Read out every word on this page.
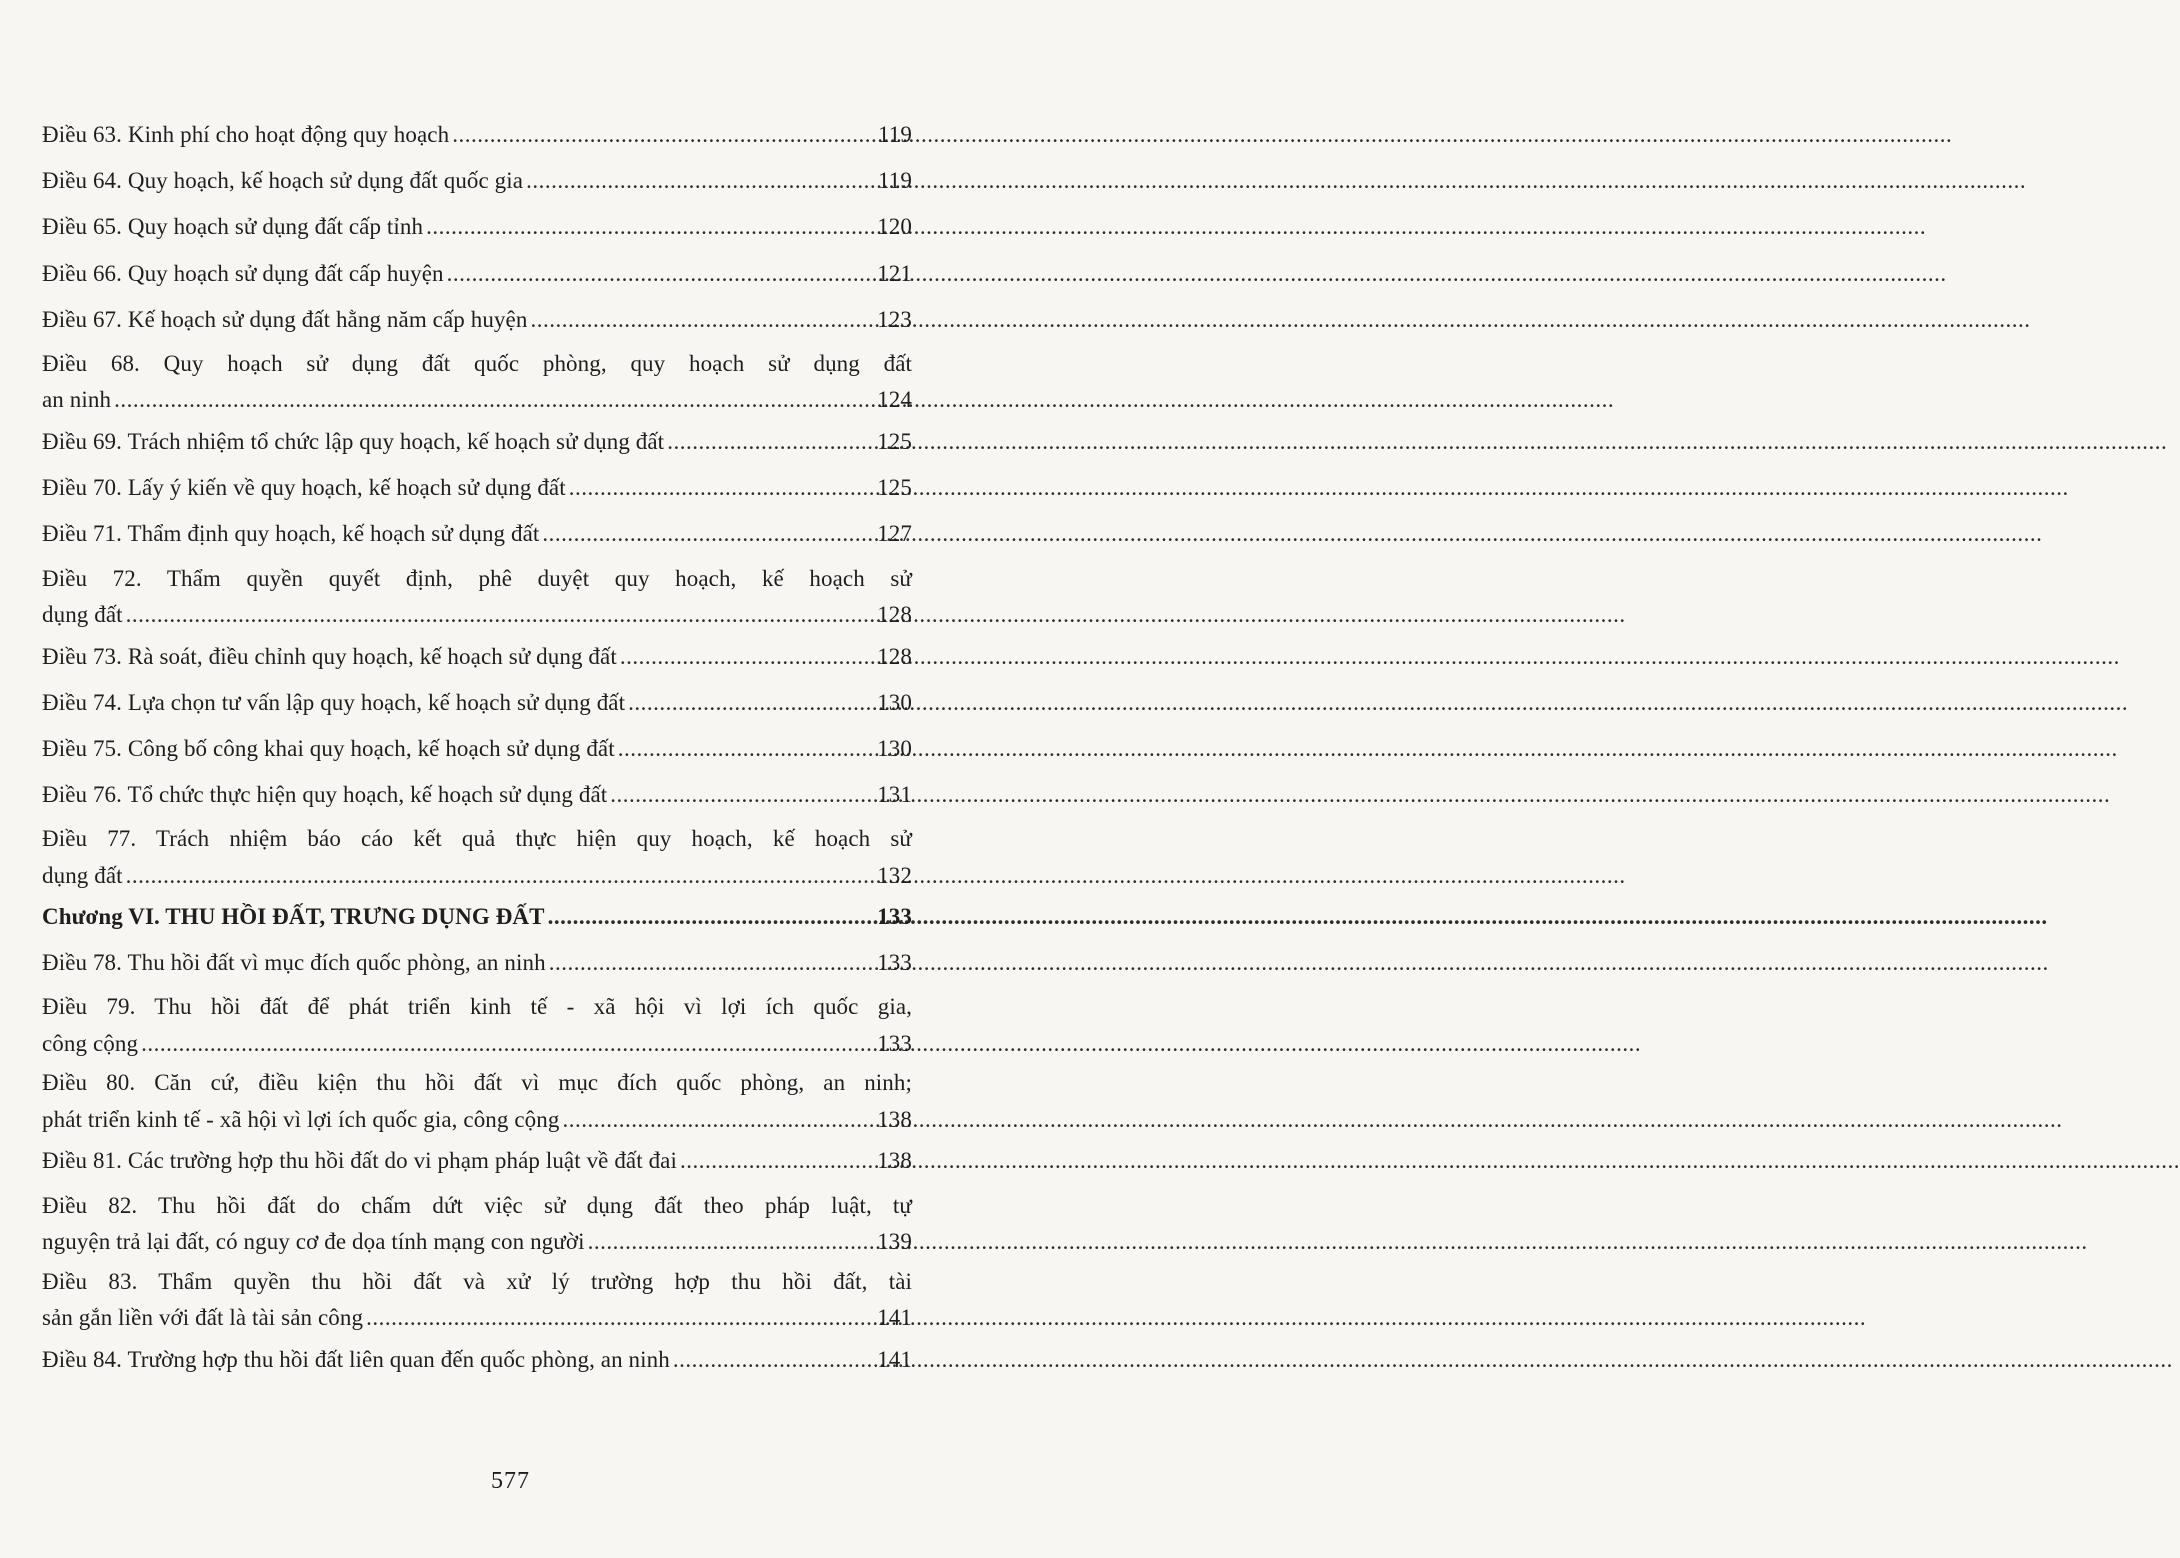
Điều 63. Kinh phí cho hoạt động quy hoạch .....	119
Điều 64. Quy hoạch, kế hoạch sử dụng đất quốc gia .....	119
Điều 65. Quy hoạch sử dụng đất cấp tỉnh .....	120
Điều 66. Quy hoạch sử dụng đất cấp huyện .....	121
Điều 67. Kế hoạch sử dụng đất hằng năm cấp huyện .....	123
Điều 68. Quy hoạch sử dụng đất quốc phòng, quy hoạch sử dụng đất
an ninh .....	124
Điều 69. Trách nhiệm tổ chức lập quy hoạch, kế hoạch sử dụng đất .....	125
Điều 70. Lấy ý kiến về quy hoạch, kế hoạch sử dụng đất .....	125
Điều 71. Thẩm định quy hoạch, kế hoạch sử dụng đất .....	127
Điều 72. Thẩm quyền quyết định, phê duyệt quy hoạch, kế hoạch sử
dụng đất .....	128
Điều 73. Rà soát, điều chỉnh quy hoạch, kế hoạch sử dụng đất .....	128
Điều 74. Lựa chọn tư vấn lập quy hoạch, kế hoạch sử dụng đất .....	130
Điều 75. Công bố công khai quy hoạch, kế hoạch sử dụng đất .....	130
Điều 76. Tổ chức thực hiện quy hoạch, kế hoạch sử dụng đất .....	131
Điều 77. Trách nhiệm báo cáo kết quả thực hiện quy hoạch, kế hoạch sử
dụng đất .....	132
Chương VI. THU HỒI ĐẤT, TRƯNG DỤNG ĐẤT .....	133
Điều 78. Thu hồi đất vì mục đích quốc phòng, an ninh .....	133
Điều 79. Thu hồi đất để phát triển kinh tế - xã hội vì lợi ích quốc gia,
công cộng .....	133
Điều 80. Căn cứ, điều kiện thu hồi đất vì mục đích quốc phòng, an ninh;
phát triển kinh tế - xã hội vì lợi ích quốc gia, công cộng .....	138
Điều 81. Các trường hợp thu hồi đất do vi phạm pháp luật về đất đai .....	138
Điều 82. Thu hồi đất do chấm dứt việc sử dụng đất theo pháp luật, tự
nguyện trả lại đất, có nguy cơ đe dọa tính mạng con người .....	139
Điều 83. Thẩm quyền thu hồi đất và xử lý trường hợp thu hồi đất, tài
sản gắn liền với đất là tài sản công .....	141
Điều 84. Trường hợp thu hồi đất liên quan đến quốc phòng, an ninh .....	141
577
